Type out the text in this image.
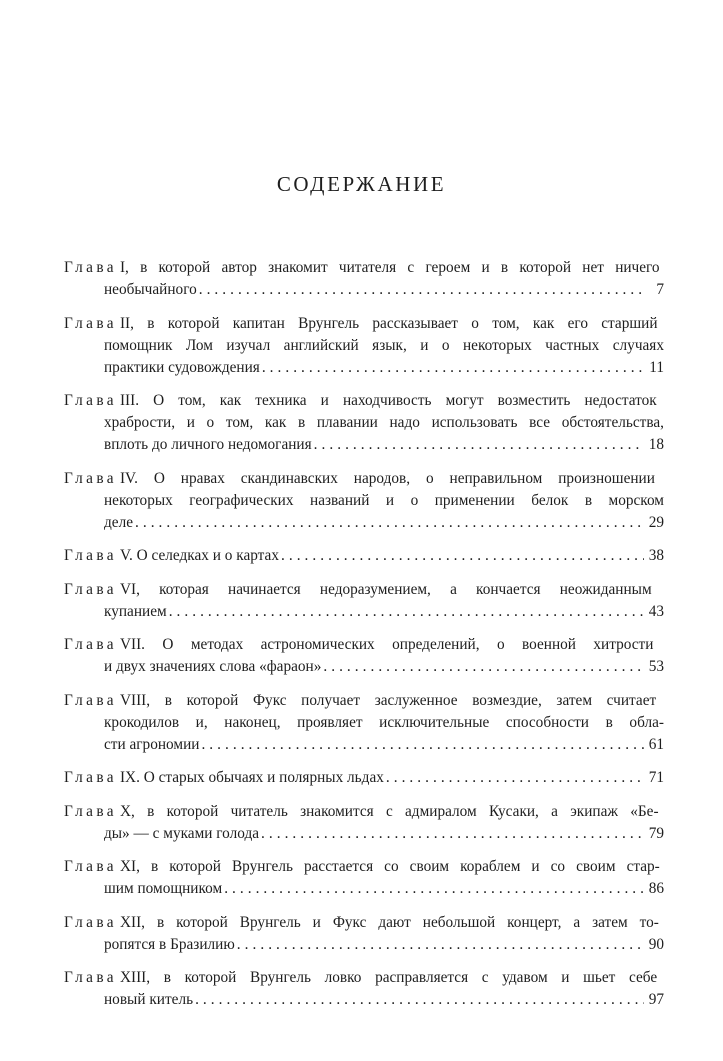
СОДЕРЖАНИЕ
Глава I, в которой автор знакомит читателя с героем и в которой нет ничего
необычайного . . .	7
Глава II, в которой капитан Врунгель рассказывает о том, как его старший
помощник Лом изучал английский язык, и о некоторых частных случаях
практики судовождения . . .	11
Глава III. О том, как техника и находчивость могут возместить недостаток
храбрости, и о том, как в плавании надо использовать все обстоятельства,
вплоть до личного недомогания . . .	18
Глава IV. О нравах скандинавских народов, о неправильном произношении
некоторых географических названий и о применении белок в морском
деле . . .	29
Глава V. О селедках и о картах . . .	38
Глава VI, которая начинается недоразумением, а кончается неожиданным
купанием . . .	43
Глава VII. О методах астрономических определений, о военной хитрости
и двух значениях слова «фараон» . . .	53
Глава VIII, в которой Фукс получает заслуженное возмездие, затем считает
крокодилов и, наконец, проявляет исключительные способности в обла-
сти агрономии . . .	61
Глава IX. О старых обычаях и полярных льдах . . .	71
Глава X, в которой читатель знакомится с адмиралом Кусаки, а экипаж «Бе-
ды» — с муками голода . . .	79
Глава XI, в которой Врунгель расстается со своим кораблем и со своим стар-
шим помощником . . .	86
Глава XII, в которой Врунгель и Фукс дают небольшой концерт, а затем то-
ропятся в Бразилию . . .	90
Глава XIII, в которой Врунгель ловко расправляется с удавом и шьет себе
новый китель . . .	97
